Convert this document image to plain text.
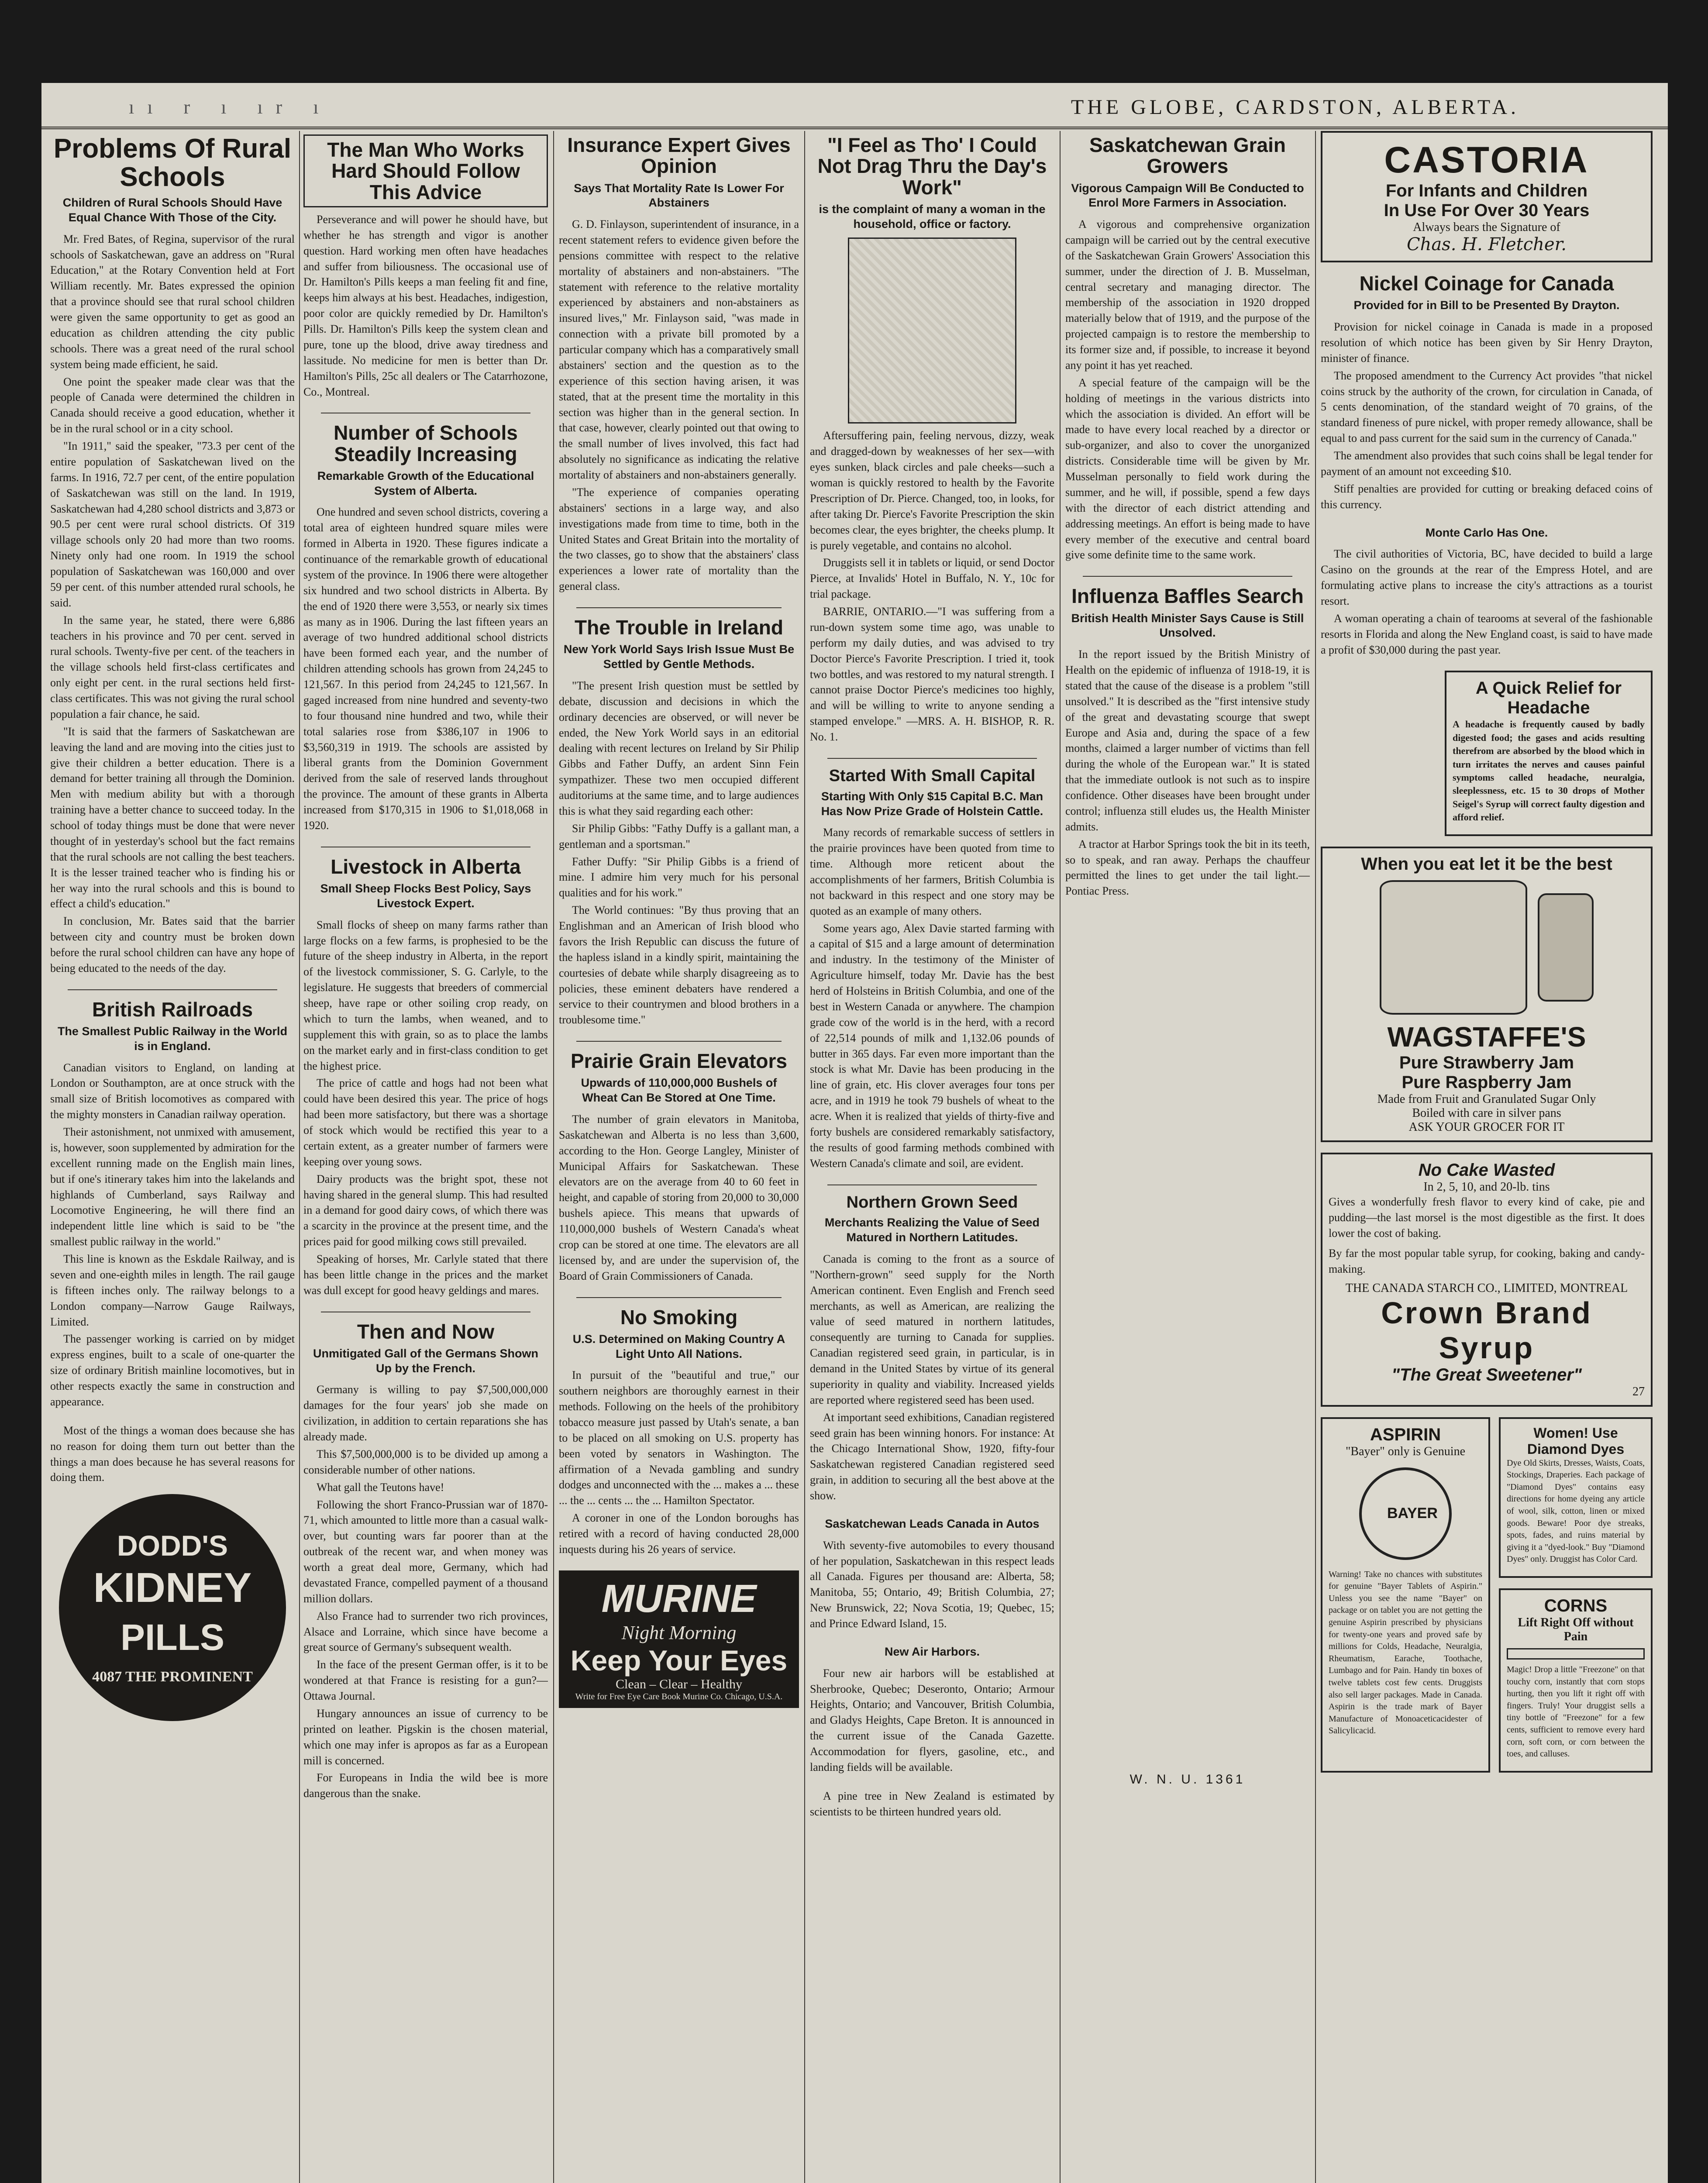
ıı r ı ır ı	THE GLOBE, CARDSTON, ALBERTA.
Problems Of Rural Schools
Children of Rural Schools Should Have Equal Chance With Those of the City.

Mr. Fred Bates, of Regina, supervisor of the rural schools of Saskatchewan, gave an address on "Rural Education," at the Rotary Convention held at Fort William recently. Mr. Bates expressed the opinion that a province should see that rural school children were given the same opportunity to get as good an education as children attending the city public schools. There was a great need of the rural school system being made efficient, he said.

One point the speaker made clear was that the people of Canada were determined the children in Canada should receive a good education, whether it be in the rural school or in a city school.

"In 1911," said the speaker, "73.3 per cent of the entire population of Saskatchewan lived on the farms. In 1916, 72.7 per cent, of the entire population of Saskatchewan was still on the land. In 1919, Saskatchewan had 4,280 school districts and 3,873 or 90.5 per cent were rural school districts. Of 319 village schools only 20 had more than two rooms. Ninety only had one room. In 1919 the school population of Saskatchewan was 160,000 and over 59 per cent. of this number attended rural schools, he said.

In the same year, he stated, there were 6,886 teachers in his province and 70 per cent. served in rural schools. Twenty-five per cent. of the teachers in the village schools held first-class certificates and only eight per cent. in the rural sections held first-class certificates. This was not giving the rural school population a fair chance, he said.

"It is said that the farmers of Saskatchewan are leaving the land and are moving into the cities just to give their children a better education. There is a demand for better training all through the Dominion. Men with medium ability but with a thorough training have a better chance to succeed today. In the school of today things must be done that were never thought of in yesterday's school but the fact remains that the rural schools are not calling the best teachers. It is the lesser trained teacher who is finding his or her way into the rural schools and this is bound to effect a child's education."

In conclusion, Mr. Bates said that the barrier between city and country must be broken down before the rural school children can have any hope of being educated to the needs of the day.

British Railroads
The Smallest Public Railway in the World is in England.

Canadian visitors to England, on landing at London or Southampton, are at once struck with the small size of British locomotives as compared with the mighty monsters in Canadian railway operation.

Their astonishment, not unmixed with amusement, is, however, soon supplemented by admiration for the excellent running made on the English main lines, but if one's itinerary takes him into the lakelands and highlands of Cumberland, says Railway and Locomotive Engineering, he will there find an independent little line which is said to be "the smallest public railway in the world."

This line is known as the Eskdale Railway, and is seven and one-eighth miles in length. The rail gauge is fifteen inches only. The railway belongs to a London company—Narrow Gauge Railways, Limited.

The passenger working is carried on by midget express engines, built to a scale of one-quarter the size of ordinary British mainline locomotives, but in other respects exactly the same in construction and appearance.

Most of the things a woman does because she has no reason for doing them turn out better than the things a man does because he has several reasons for doing them.

DODD'S
KIDNEY
PILLS
4087 THE PROMINENT
The Man Who Works Hard Should Follow This Advice

Perseverance and will power he should have, but whether he has strength and vigor is another question. Hard working men often have headaches and suffer from biliousness. The occasional use of Dr. Hamilton's Pills keeps a man feeling fit and fine, keeps him always at his best. Headaches, indigestion, poor color are quickly remedied by Dr. Hamilton's Pills. Dr. Hamilton's Pills keep the system clean and pure, tone up the blood, drive away tiredness and lassitude. No medicine for men is better than Dr. Hamilton's Pills, 25c all dealers or The Catarrhozone, Co., Montreal.

Number of Schools Steadily Increasing
Remarkable Growth of the Educational System of Alberta.

One hundred and seven school districts, covering a total area of eighteen hundred square miles were formed in Alberta in 1920. These figures indicate a continuance of the remarkable growth of educational system of the province. In 1906 there were altogether six hundred and two school districts in Alberta. By the end of 1920 there were 3,553, or nearly six times as many as in 1906. During the last fifteen years an average of two hundred additional school districts have been formed each year, and the number of children attending schools has grown from 24,245 to 121,567. In this period from 24,245 to 121,567. In gaged increased from nine hundred and seventy-two to four thousand nine hundred and two, while their total salaries rose from $386,107 in 1906 to $3,560,319 in 1919. The schools are assisted by liberal grants from the Dominion Government derived from the sale of reserved lands throughout the province. The amount of these grants in Alberta increased from $170,315 in 1906 to $1,018,068 in 1920.

Livestock in Alberta
Small Sheep Flocks Best Policy, Says Livestock Expert.

Small flocks of sheep on many farms rather than large flocks on a few farms, is prophesied to be the future of the sheep industry in Alberta, in the report of the livestock commissioner, S. G. Carlyle, to the legislature. He suggests that breeders of commercial sheep, have rape or other soiling crop ready, on which to turn the lambs, when weaned, and to supplement this with grain, so as to place the lambs on the market early and in first-class condition to get the highest price.

The price of cattle and hogs had not been what could have been desired this year. The price of hogs had been more satisfactory, but there was a shortage of stock which would be rectified this year to a certain extent, as a greater number of farmers were keeping over young sows.

Dairy products was the bright spot, these not having shared in the general slump. This had resulted in a demand for good dairy cows, of which there was a scarcity in the province at the present time, and the prices paid for good milking cows still prevailed.

Speaking of horses, Mr. Carlyle stated that there has been little change in the prices and the market was dull except for good heavy geldings and mares.

Then and Now
Unmitigated Gall of the Germans Shown Up by the French.

Germany is willing to pay $7,500,000,000 damages for the four years' job she made on civilization, in addition to certain reparations she has already made.

This $7,500,000,000 is to be divided up among a considerable number of other nations.

What gall the Teutons have!

Following the short Franco-Prussian war of 1870-71, which amounted to little more than a casual walk-over, but counting wars far poorer than at the outbreak of the recent war, and when money was worth a great deal more, Germany, which had devastated France, compelled payment of a thousand million dollars.

Also France had to surrender two rich provinces, Alsace and Lorraine, which since have become a great source of Germany's subsequent wealth.

In the face of the present German offer, is it to be wondered at that France is resisting for a gun?—Ottawa Journal.

Hungary announces an issue of currency to be printed on leather. Pigskin is the chosen material, which one may infer is apropos as far as a European mill is concerned.

For Europeans in India the wild bee is more dangerous than the snake.

Insurance Expert Gives Opinion
Says That Mortality Rate Is Lower For Abstainers

G. D. Finlayson, superintendent of insurance, in a recent statement refers to evidence given before the pensions committee with respect to the relative mortality of abstainers and non-abstainers. "The statement with reference to the relative mortality experienced by abstainers and non-abstainers as insured lives," Mr. Finlayson said, "was made in connection with a private bill promoted by a particular company which has a comparatively small abstainers' section and the question as to the experience of this section having arisen, it was stated, that at the present time the mortality in this section was higher than in the general section. In that case, however, clearly pointed out that owing to the small number of lives involved, this fact had absolutely no significance as indicating the relative mortality of abstainers and non-abstainers generally.

"The experience of companies operating abstainers' sections in a large way, and also investigations made from time to time, both in the United States and Great Britain into the mortality of the two classes, go to show that the abstainers' class experiences a lower rate of mortality than the general class.

The Trouble in Ireland
New York World Says Irish Issue Must Be Settled by Gentle Methods.

"The present Irish question must be settled by debate, discussion and decisions in which the ordinary decencies are observed, or will never be ended, the New York World says in an editorial dealing with recent lectures on Ireland by Sir Philip Gibbs and Father Duffy, an ardent Sinn Fein sympathizer. These two men occupied different auditoriums at the same time, and to large audiences this is what they said regarding each other:

Sir Philip Gibbs: "Fathy Duffy is a gallant man, a gentleman and a sportsman."

Father Duffy: "Sir Philip Gibbs is a friend of mine. I admire him very much for his personal qualities and for his work."

The World continues: "By thus proving that an Englishman and an American of Irish blood who favors the Irish Republic can discuss the future of the hapless island in a kindly spirit, maintaining the courtesies of debate while sharply disagreeing as to policies, these eminent debaters have rendered a service to their countrymen and blood brothers in a troublesome time."

Prairie Grain Elevators
Upwards of 110,000,000 Bushels of Wheat Can Be Stored at One Time.

The number of grain elevators in Manitoba, Saskatchewan and Alberta is no less than 3,600, according to the Hon. George Langley, Minister of Municipal Affairs for Saskatchewan. These elevators are on the average from 40 to 60 feet in height, and capable of storing from 20,000 to 30,000 bushels apiece. This means that upwards of 110,000,000 bushels of Western Canada's wheat crop can be stored at one time. The elevators are all licensed by, and are under the supervision of, the Board of Grain Commissioners of Canada.

No Smoking
U.S. Determined on Making Country A Light Unto All Nations.

In pursuit of the "beautiful and true," our southern neighbors are thoroughly earnest in their methods. Following on the heels of the prohibitory tobacco measure just passed by Utah's senate, a ban to be placed on all smoking on U.S. property has been voted by senators in Washington. The affirmation of a Nevada gambling and sundry dodges and unconnected with the ... makes a ... these ... the ... cents ... the ... Hamilton Spectator.

A coroner in one of the London boroughs has retired with a record of having conducted 28,000 inquests during his 26 years of service.

MURINE
Night Morning
Keep Your Eyes
Clean – Clear – Healthy
Write for Free Eye Care Book Murine Co. Chicago, U.S.A.
"I Feel as Tho' I Could Not Drag Thru the Day's Work"
is the complaint of many a woman in the household, office or factory.

Aftersuffering pain, feeling nervous, dizzy, weak and dragged-down by weaknesses of her sex—with eyes sunken, black circles and pale cheeks—such a woman is quickly restored to health by the Favorite Prescription of Dr. Pierce. Changed, too, in looks, for after taking Dr. Pierce's Favorite Prescription the skin becomes clear, the eyes brighter, the cheeks plump. It is purely vegetable, and contains no alcohol.

Druggists sell it in tablets or liquid, or send Doctor Pierce, at Invalids' Hotel in Buffalo, N. Y., 10c for trial package.

BARRIE, ONTARIO.—"I was suffering from a run-down system some time ago, was unable to perform my daily duties, and was advised to try Doctor Pierce's Favorite Prescription. I tried it, took two bottles, and was restored to my natural strength. I cannot praise Doctor Pierce's medicines too highly, and will be willing to write to anyone sending a stamped envelope." —MRS. A. H. BISHOP, R. R. No. 1.

Started With Small Capital
Starting With Only $15 Capital B.C. Man Has Now Prize Grade of Holstein Cattle.

Many records of remarkable success of settlers in the prairie provinces have been quoted from time to time. Although more reticent about the accomplishments of her farmers, British Columbia is not backward in this respect and one story may be quoted as an example of many others.

Some years ago, Alex Davie started farming with a capital of $15 and a large amount of determination and industry. In the testimony of the Minister of Agriculture himself, today Mr. Davie has the best herd of Holsteins in British Columbia, and one of the best in Western Canada or anywhere. The champion grade cow of the world is in the herd, with a record of 22,514 pounds of milk and 1,132.06 pounds of butter in 365 days. Far even more important than the stock is what Mr. Davie has been producing in the line of grain, etc. His clover averages four tons per acre, and in 1919 he took 79 bushels of wheat to the acre. When it is realized that yields of thirty-five and forty bushels are considered remarkably satisfactory, the results of good farming methods combined with Western Canada's climate and soil, are evident.

Northern Grown Seed
Merchants Realizing the Value of Seed Matured in Northern Latitudes.

Canada is coming to the front as a source of "Northern-grown" seed supply for the North American continent. Even English and French seed merchants, as well as American, are realizing the value of seed matured in northern latitudes, consequently are turning to Canada for supplies. Canadian registered seed grain, in particular, is in demand in the United States by virtue of its general superiority in quality and viability. Increased yields are reported where registered seed has been used.

At important seed exhibitions, Canadian registered seed grain has been winning honors. For instance: At the Chicago International Show, 1920, fifty-four Saskatchewan registered Canadian registered seed grain, in addition to securing all the best above at the show.

Saskatchewan Leads Canada in Autos

With seventy-five automobiles to every thousand of her population, Saskatchewan in this respect leads all Canada. Figures per thousand are: Alberta, 58; Manitoba, 55; Ontario, 49; British Columbia, 27; New Brunswick, 22; Nova Scotia, 19; Quebec, 15; and Prince Edward Island, 15.

New Air Harbors.

Four new air harbors will be established at Sherbrooke, Quebec; Deseronto, Ontario; Armour Heights, Ontario; and Vancouver, British Columbia, and Gladys Heights, Cape Breton. It is announced in the current issue of the Canada Gazette. Accommodation for flyers, gasoline, etc., and landing fields will be available.

A pine tree in New Zealand is estimated by scientists to be thirteen hundred years old.

Saskatchewan Grain Growers
Vigorous Campaign Will Be Conducted to Enrol More Farmers in Association.

A vigorous and comprehensive organization campaign will be carried out by the central executive of the Saskatchewan Grain Growers' Association this summer, under the direction of J. B. Musselman, central secretary and managing director. The membership of the association in 1920 dropped materially below that of 1919, and the purpose of the projected campaign is to restore the membership to its former size and, if possible, to increase it beyond any point it has yet reached.

A special feature of the campaign will be the holding of meetings in the various districts into which the association is divided. An effort will be made to have every local reached by a director or sub-organizer, and also to cover the unorganized districts. Considerable time will be given by Mr. Musselman personally to field work during the summer, and he will, if possible, spend a few days with the director of each district attending and addressing meetings. An effort is being made to have every member of the executive and central board give some definite time to the same work.

Influenza Baffles Search
British Health Minister Says Cause is Still Unsolved.

In the report issued by the British Ministry of Health on the epidemic of influenza of 1918-19, it is stated that the cause of the disease is a problem "still unsolved." It is described as the "first intensive study of the great and devastating scourge that swept Europe and Asia and, during the space of a few months, claimed a larger number of victims than fell during the whole of the European war." It is stated that the immediate outlook is not such as to inspire confidence. Other diseases have been brought under control; influenza still eludes us, the Health Minister admits.

A tractor at Harbor Springs took the bit in its teeth, so to speak, and ran away. Perhaps the chauffeur permitted the lines to get under the tail light.—Pontiac Press.

W. N. U. 1361
CASTORIA
For Infants and Children
In Use For Over 30 Years
Always bears the Signature of
Chas. H. Fletcher.
Nickel Coinage for Canada
Provided for in Bill to be Presented By Drayton.

Provision for nickel coinage in Canada is made in a proposed resolution of which notice has been given by Sir Henry Drayton, minister of finance.

The proposed amendment to the Currency Act provides "that nickel coins struck by the authority of the crown, for circulation in Canada, of 5 cents denomination, of the standard weight of 70 grains, of the standard fineness of pure nickel, with proper remedy allowance, shall be equal to and pass current for the said sum in the currency of Canada."

The amendment also provides that such coins shall be legal tender for payment of an amount not exceeding $10.

Stiff penalties are provided for cutting or breaking defaced coins of this currency.

Monte Carlo Has One.

The civil authorities of Victoria, BC, have decided to build a large Casino on the grounds at the rear of the Empress Hotel, and are formulating active plans to increase the city's attractions as a tourist resort.

A woman operating a chain of tearooms at several of the fashionable resorts in Florida and along the New England coast, is said to have made a profit of $30,000 during the past year.

A Quick Relief for Headache
A headache is frequently caused by badly digested food; the gases and acids resulting therefrom are absorbed by the blood which in turn irritates the nerves and causes painful symptoms called headache, neuralgia, sleeplessness, etc. 15 to 30 drops of Mother Seigel's Syrup will correct faulty digestion and afford relief.
When you eat let it be the best

WAGSTAFFE'S
Pure Strawberry Jam
Pure Raspberry Jam
Made from Fruit and Granulated Sugar Only
Boiled with care in silver pans
ASK YOUR GROCER FOR IT
No Cake Wasted
In 2, 5, 10, and 20-lb. tins
Gives a wonderfully fresh flavor to every kind of cake, pie and pudding—the last morsel is the most digestible as the first. It does lower the cost of baking.
By far the most popular table syrup, for cooking, baking and candy-making.
THE CANADA STARCH CO., LIMITED, MONTREAL
Crown Brand Syrup
"The Great Sweetener"
27
ASPIRIN
"Bayer" only is Genuine
BAYER
Warning! Take no chances with substitutes for genuine "Bayer Tablets of Aspirin." Unless you see the name "Bayer" on package or on tablet you are not getting the genuine Aspirin prescribed by physicians for twenty-one years and proved safe by millions for Colds, Headache, Neuralgia, Rheumatism, Earache, Toothache, Lumbago and for Pain. Handy tin boxes of twelve tablets cost few cents. Druggists also sell larger packages. Made in Canada. Aspirin is the trade mark of Bayer Manufacture of Monoaceticacidester of Salicylicacid.
Women! Use Diamond Dyes
Dye Old Skirts, Dresses, Waists, Coats, Stockings, Draperies. Each package of "Diamond Dyes" contains easy directions for home dyeing any article of wool, silk, cotton, linen or mixed goods. Beware! Poor dye streaks, spots, fades, and ruins material by giving it a "dyed-look." Buy "Diamond Dyes" only. Druggist has Color Card.
CORNS
Lift Right Off without Pain
Magic! Drop a little "Freezone" on that touchy corn, instantly that corn stops hurting, then you lift it right off with fingers. Truly! Your druggist sells a tiny bottle of "Freezone" for a few cents, sufficient to remove every hard corn, soft corn, or corn between the toes, and calluses.
